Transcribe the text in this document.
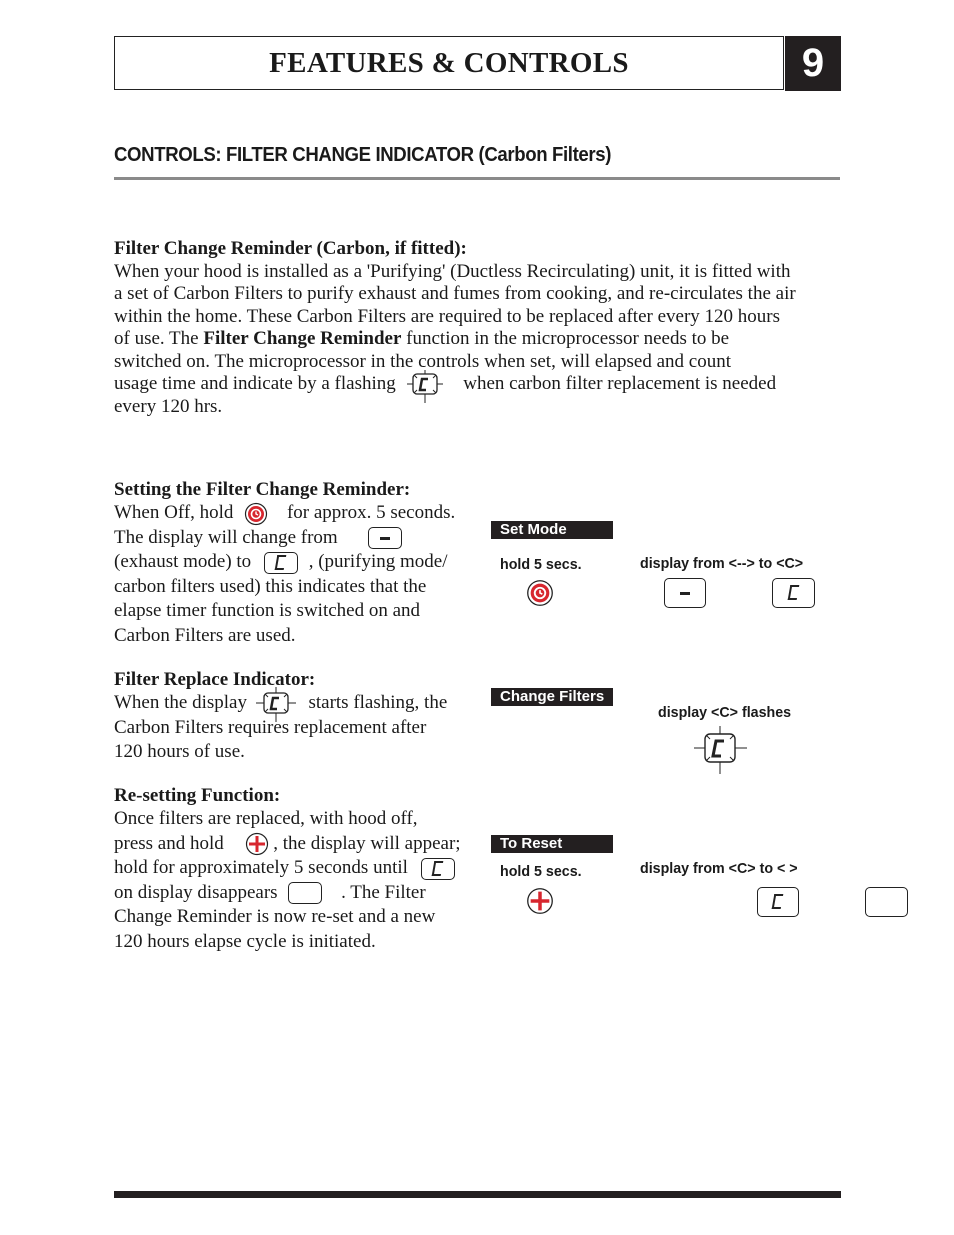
FEATURES & CONTROLS	9
CONTROLS: FILTER CHANGE INDICATOR (Carbon Filters)
Filter Change Reminder (Carbon, if fitted):
When your hood is installed as a 'Purifying' (Ductless Recirculating) unit, it is fitted with
a set of Carbon Filters to purify exhaust and fumes from cooking, and re-circulates the air
within the home. These Carbon Filters are required to be replaced after every 120 hours
of use. The Filter Change Reminder function in the microprocessor needs to be
switched on. The microprocessor in the controls when set, will elapsed and count
usage time and indicate by a flashing	when carbon filter replacement is needed
every 120 hrs.
Setting the Filter Change Reminder:
When Off, hold	for approx. 5 seconds.
The display will change from
(exhaust mode) to	, (purifying mode/
carbon filters used) this indicates that the
elapse timer function is switched on and
Carbon Filters are used.
Filter Replace Indicator:
When the display	starts flashing, the
Carbon Filters requires replacement after
120 hours of use.
Re-setting Function:
Once filters are replaced, with hood off,
press and hold	, the display will appear;
hold for approximately 5 seconds until
on display disappears	. The Filter
Change Reminder is now re-set and a new
120 hours elapse cycle is initiated.
Set Mode
hold 5 secs.	display from <--> to <C>

Change Filters
display <C> flashes
To Reset
hold 5 secs.	display from <C> to < >
